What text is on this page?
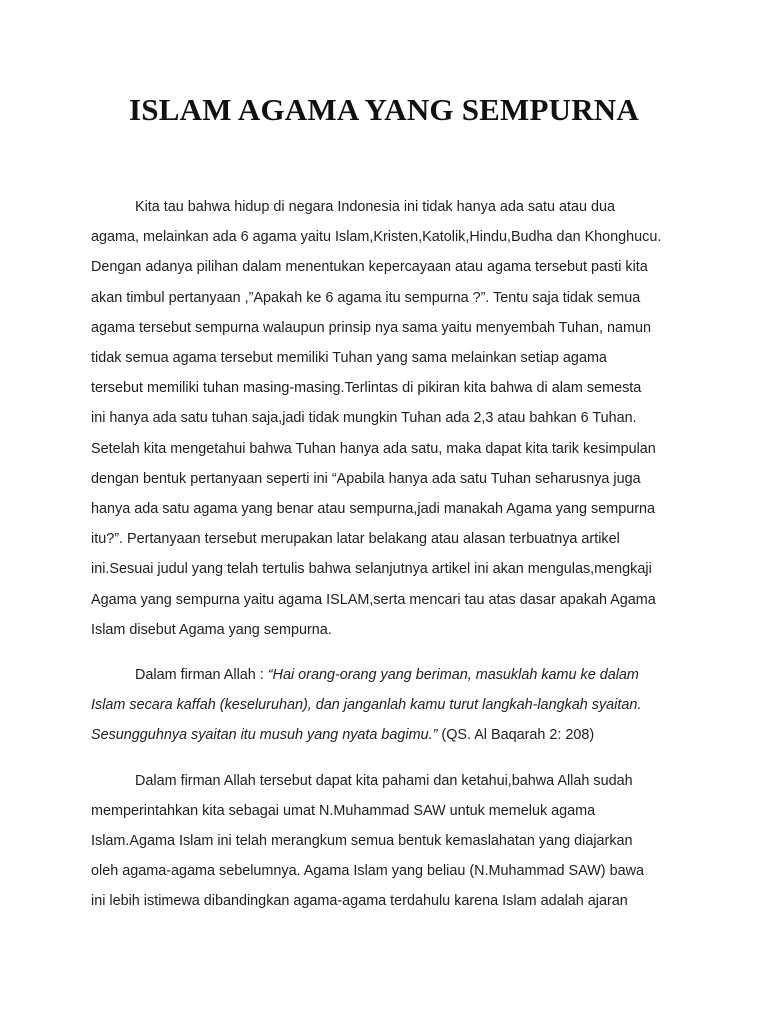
ISLAM AGAMA YANG SEMPURNA
Kita tau bahwa hidup di negara Indonesia ini tidak hanya ada satu atau dua
agama, melainkan ada 6 agama yaitu Islam,Kristen,Katolik,Hindu,Budha dan Khonghucu.
Dengan adanya pilihan dalam menentukan kepercayaan atau agama tersebut pasti kita
akan timbul pertanyaan ,”Apakah ke 6 agama itu sempurna ?”. Tentu saja tidak semua
agama tersebut sempurna walaupun prinsip nya sama yaitu menyembah Tuhan, namun
tidak semua agama tersebut memiliki Tuhan yang sama melainkan setiap agama
tersebut memiliki tuhan masing-masing.Terlintas di pikiran kita bahwa di alam semesta
ini hanya ada satu tuhan saja,jadi tidak mungkin Tuhan ada 2,3 atau bahkan 6 Tuhan.
Setelah kita mengetahui bahwa Tuhan hanya ada satu, maka dapat kita tarik kesimpulan
dengan bentuk pertanyaan seperti ini “Apabila hanya ada satu Tuhan seharusnya juga
hanya ada satu agama yang benar atau sempurna,jadi manakah Agama yang sempurna
itu?”. Pertanyaan tersebut merupakan latar belakang atau alasan terbuatnya artikel
ini.Sesuai judul yang telah tertulis bahwa selanjutnya artikel ini akan mengulas,mengkaji
Agama yang sempurna yaitu agama ISLAM,serta mencari tau atas dasar apakah Agama
Islam disebut Agama yang sempurna.
Dalam firman Allah : “Hai orang-orang yang beriman, masuklah kamu ke dalam
Islam secara kaffah (keseluruhan), dan janganlah kamu turut langkah-langkah syaitan.
Sesungguhnya syaitan itu musuh yang nyata bagimu.” (QS. Al Baqarah 2: 208)
Dalam firman Allah tersebut dapat kita pahami dan ketahui,bahwa Allah sudah
memperintahkan kita sebagai umat N.Muhammad SAW untuk memeluk agama
Islam.Agama Islam ini telah merangkum semua bentuk kemaslahatan yang diajarkan
oleh agama-agama sebelumnya. Agama Islam yang beliau (N.Muhammad SAW) bawa
ini lebih istimewa dibandingkan agama-agama terdahulu karena Islam adalah ajaran
